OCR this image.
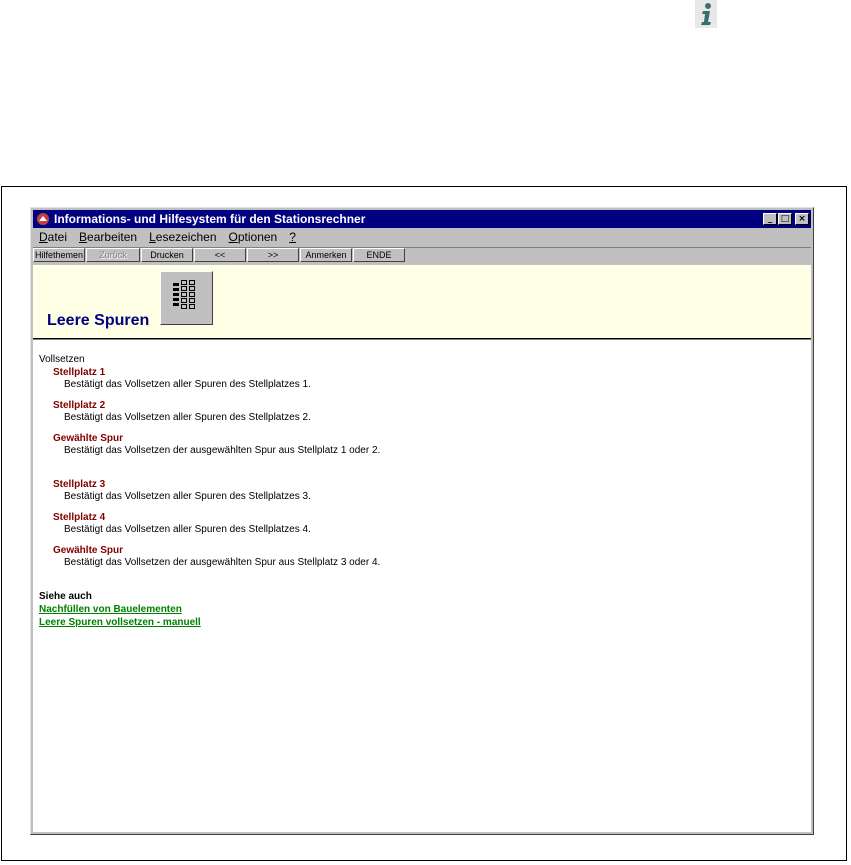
Informations- und Hilfesystem für den Stationsrechner	_ □ ×
Datei	Bearbeiten	Lesezeichen	Optionen	?
Hilfethemen	Zurück	Drucken	<<	>>	Anmerken	ENDE
Leere Spuren
Vollsetzen
Stellplatz 1
Bestätigt das Vollsetzen aller Spuren des Stellplatzes 1.
Stellplatz 2
Bestätigt das Vollsetzen aller Spuren des Stellplatzes 2.
Gewählte Spur
Bestätigt das Vollsetzen der ausgewählten Spur aus Stellplatz 1 oder 2.
Stellplatz 3
Bestätigt das Vollsetzen aller Spuren des Stellplatzes 3.
Stellplatz 4
Bestätigt das Vollsetzen aller Spuren des Stellplatzes 4.
Gewählte Spur
Bestätigt das Vollsetzen der ausgewählten Spur aus Stellplatz 3 oder 4.
Siehe auch
Nachfüllen von Bauelementen
Leere Spuren vollsetzen - manuell
